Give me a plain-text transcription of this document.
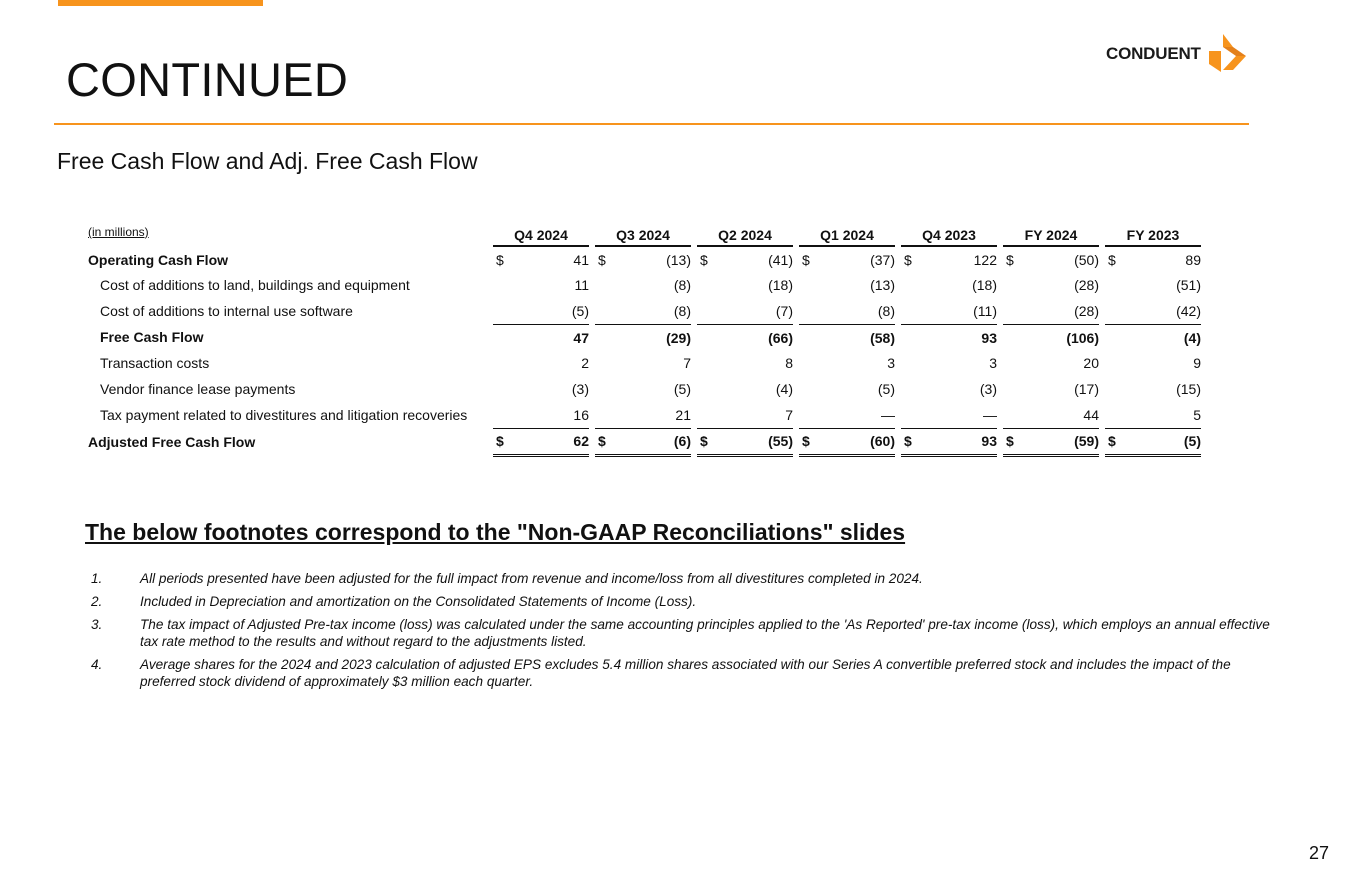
CONTINUED	CONDUENT
Free Cash Flow and Adj. Free Cash Flow
(in millions)		Q4 2024			Q3 2024			Q2 2024			Q1 2024			Q4 2023			FY 2024			FY 2023	
Operating Cash Flow		$	41		$	(13)		$	(41)		$	(37)		$	122		$	(50)		$	89
Cost of additions to land, buildings and equipment			11			(8)			(18)			(13)			(18)			(28)			(51)
Cost of additions to internal use software			(5)			(8)			(7)			(8)			(11)			(28)			(42)
Free Cash Flow			47			(29)			(66)			(58)			93			(106)			(4)
Transaction costs			2			7			8			3			3			20			9
Vendor finance lease payments			(3)			(5)			(4)			(5)			(3)			(17)			(15)
Tax payment related to divestitures and litigation recoveries			16			21			7			—			—			44			5
Adjusted Free Cash Flow		$	62		$	(6)		$	(55)		$	(60)		$	93		$	(59)		$	(5)
The below footnotes correspond to the "Non-GAAP Reconciliations" slides
1.	All periods presented have been adjusted for the full impact from revenue and income/loss from all divestitures completed in 2024.
2.	Included in Depreciation and amortization on the Consolidated Statements of Income (Loss).
3.	The tax impact of Adjusted Pre-tax income (loss) was calculated under the same accounting principles applied to the 'As Reported' pre-tax income (loss), which employs an annual effective tax rate method to the results and without regard to the adjustments listed.
4.	Average shares for the 2024 and 2023 calculation of adjusted EPS excludes 5.4 million shares associated with our Series A convertible preferred stock and includes the impact of the preferred stock dividend of approximately $3 million each quarter.
27
